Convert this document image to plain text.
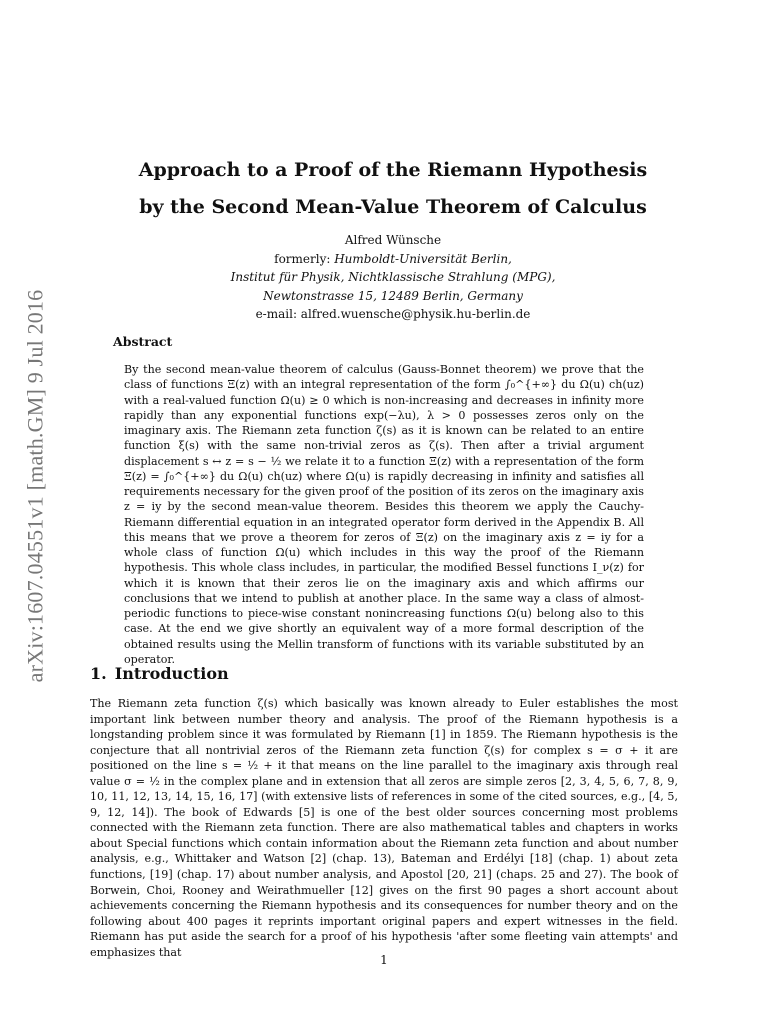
arXiv:1607.04551v1 [math.GM] 9 Jul 2016
Approach to a Proof of the Riemann Hypothesis
by the Second Mean-Value Theorem of Calculus
Alfred Wünsche
formerly: Humboldt-Universität Berlin,
Institut für Physik, Nichtklassische Strahlung (MPG),
Newtonstrasse 15, 12489 Berlin, Germany
e-mail: alfred.wuensche@physik.hu-berlin.de
Abstract

By the second mean-value theorem of calculus (Gauss-Bonnet theorem) we prove that the class of functions Ξ(z) with an integral representation of the form ∫₀^{+∞} du Ω(u) ch(uz) with a real-valued function Ω(u) ≥ 0 which is non-increasing and decreases in infinity more rapidly than any exponential functions exp(−λu), λ > 0 possesses zeros only on the imaginary axis. The Riemann zeta function ζ(s) as it is known can be related to an entire function ξ(s) with the same non-trivial zeros as ζ(s). Then after a trivial argument displacement s ↔ z = s − ½ we relate it to a function Ξ(z) with a representation of the form Ξ(z) = ∫₀^{+∞} du Ω(u) ch(uz) where Ω(u) is rapidly decreasing in infinity and satisfies all requirements necessary for the given proof of the position of its zeros on the imaginary axis z = iy by the second mean-value theorem. Besides this theorem we apply the Cauchy-Riemann differential equation in an integrated operator form derived in the Appendix B. All this means that we prove a theorem for zeros of Ξ(z) on the imaginary axis z = iy for a whole class of function Ω(u) which includes in this way the proof of the Riemann hypothesis. This whole class includes, in particular, the modified Bessel functions I_ν(z) for which it is known that their zeros lie on the imaginary axis and which affirms our conclusions that we intend to publish at another place. In the same way a class of almost-periodic functions to piece-wise constant nonincreasing functions Ω(u) belong also to this case. At the end we give shortly an equivalent way of a more formal description of the obtained results using the Mellin transform of functions with its variable substituted by an operator.

1. Introduction

The Riemann zeta function ζ(s) which basically was known already to Euler establishes the most important link between number theory and analysis. The proof of the Riemann hypothesis is a longstanding problem since it was formulated by Riemann [1] in 1859. The Riemann hypothesis is the conjecture that all nontrivial zeros of the Riemann zeta function ζ(s) for complex s = σ + it are positioned on the line s = ½ + it that means on the line parallel to the imaginary axis through real value σ = ½ in the complex plane and in extension that all zeros are simple zeros [2, 3, 4, 5, 6, 7, 8, 9, 10, 11, 12, 13, 14, 15, 16, 17] (with extensive lists of references in some of the cited sources, e.g., [4, 5, 9, 12, 14]). The book of Edwards [5] is one of the best older sources concerning most problems connected with the Riemann zeta function. There are also mathematical tables and chapters in works about Special functions which contain information about the Riemann zeta function and about number analysis, e.g., Whittaker and Watson [2] (chap. 13), Bateman and Erdélyi [18] (chap. 1) about zeta functions, [19] (chap. 17) about number analysis, and Apostol [20, 21] (chaps. 25 and 27). The book of Borwein, Choi, Rooney and Weirathmueller [12] gives on the first 90 pages a short account about achievements concerning the Riemann hypothesis and its consequences for number theory and on the following about 400 pages it reprints important original papers and expert witnesses in the field. Riemann has put aside the search for a proof of his hypothesis 'after some fleeting vain attempts' and emphasizes that

1
